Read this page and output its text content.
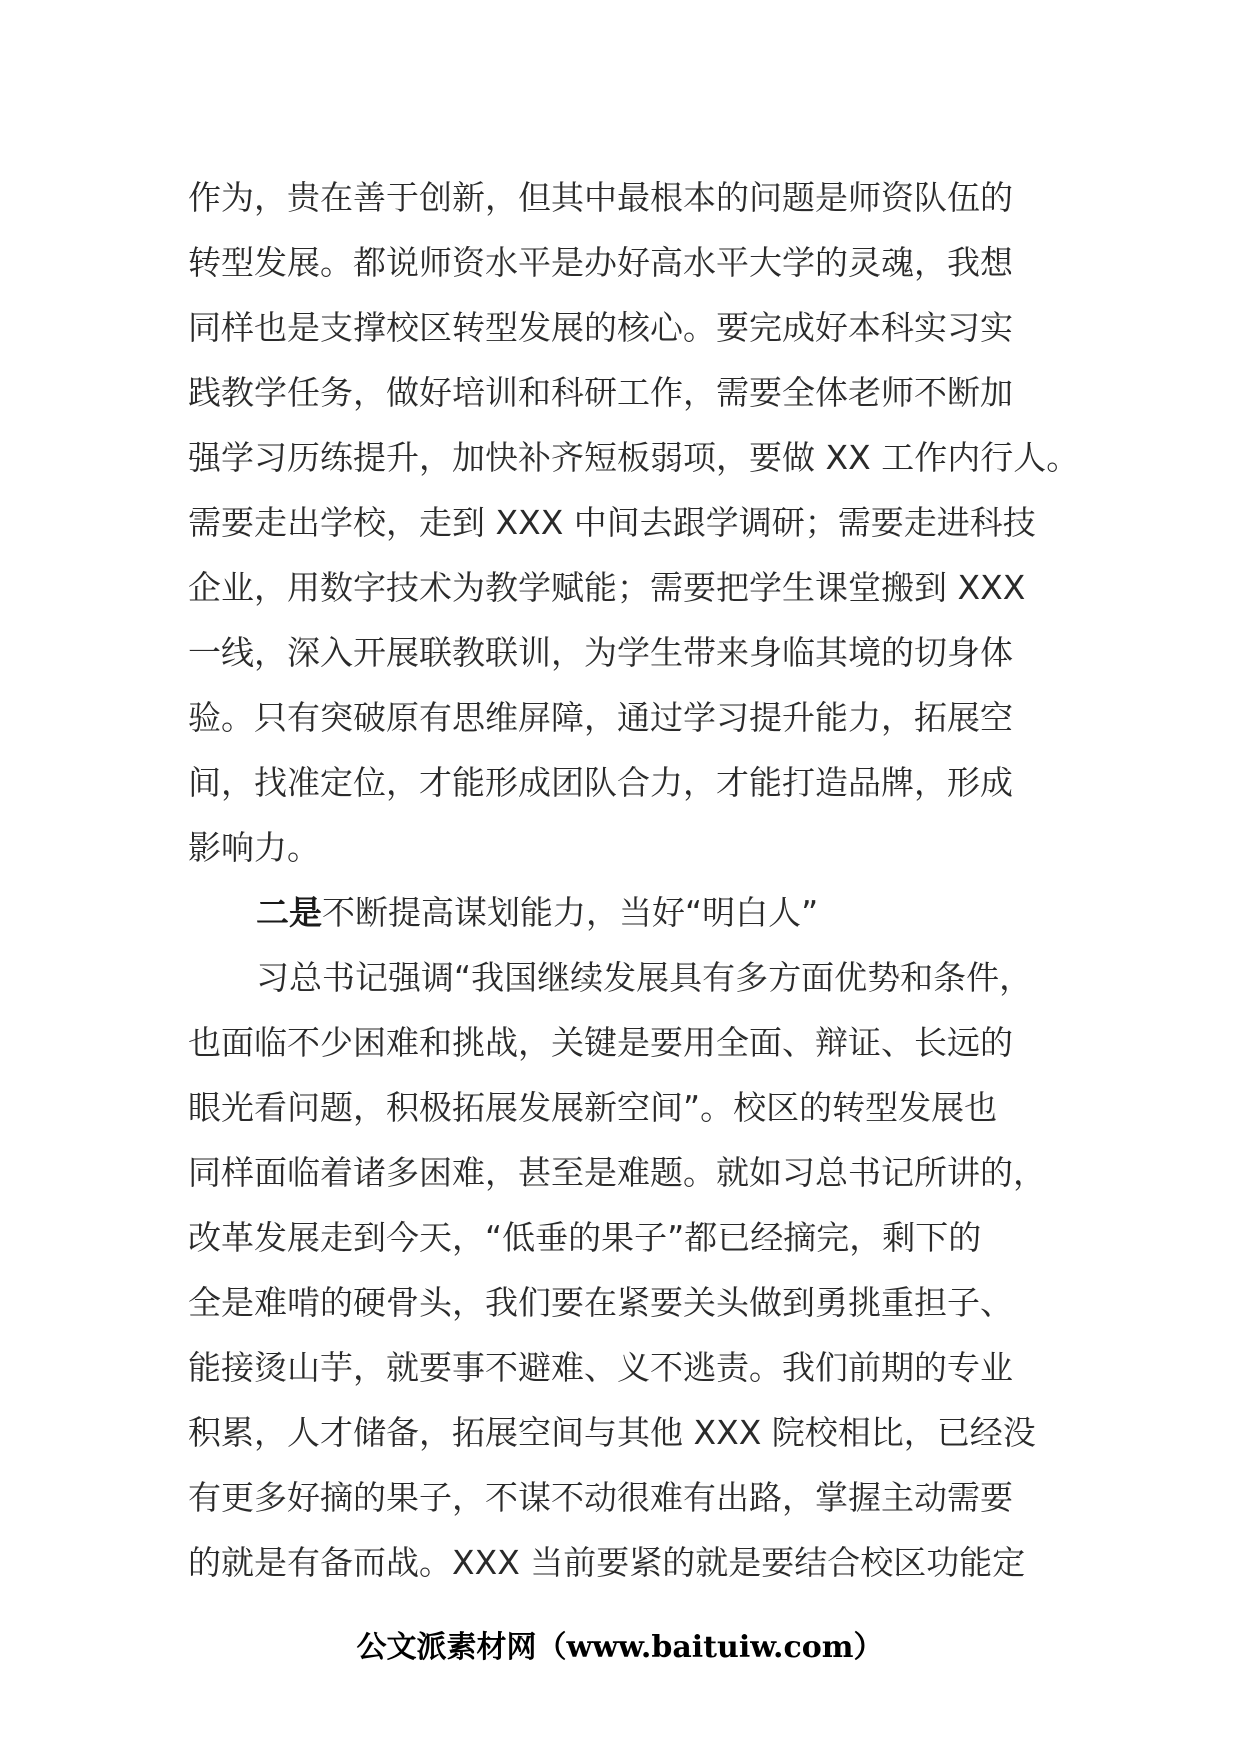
作为，贵在善于创新，但其中最根本的问题是师资队伍的
转型发展。都说师资水平是办好高水平大学的灵魂，我想
同样也是支撑校区转型发展的核心。要完成好本科实习实
践教学任务，做好培训和科研工作，需要全体老师不断加
强学习历练提升，加快补齐短板弱项，要做 XX 工作内行人。
需要走出学校，走到 XXX 中间去跟学调研；需要走进科技
企业，用数字技术为教学赋能；需要把学生课堂搬到 XXX
一线，深入开展联教联训，为学生带来身临其境的切身体
验。只有突破原有思维屏障，通过学习提升能力，拓展空
间，找准定位，才能形成团队合力，才能打造品牌，形成
影响力。
二是不断提高谋划能力，当好“明白人”
习总书记强调“我国继续发展具有多方面优势和条件，
也面临不少困难和挑战，关键是要用全面、辩证、长远的
眼光看问题，积极拓展发展新空间”。校区的转型发展也
同样面临着诸多困难，甚至是难题。就如习总书记所讲的，
改革发展走到今天，“低垂的果子”都已经摘完，剩下的
全是难啃的硬骨头，我们要在紧要关头做到勇挑重担子、
能接烫山芋，就要事不避难、义不逃责。我们前期的专业
积累，人才储备，拓展空间与其他 XXX 院校相比，已经没
有更多好摘的果子，不谋不动很难有出路，掌握主动需要
的就是有备而战。XXX 当前要紧的就是要结合校区功能定
公文派素材网（www.baituiw.com）
